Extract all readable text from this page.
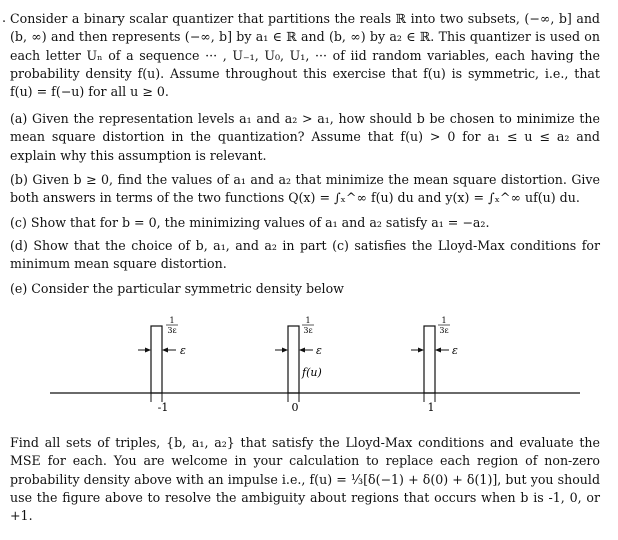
. Consider a binary scalar quantizer that partitions the reals ℝ into two subsets, (−∞, b] and (b, ∞) and then represents (−∞, b] by a₁ ∈ ℝ and (b, ∞) by a₂ ∈ ℝ. This quantizer is used on each letter Uₙ of a sequence ··· , U₋₁, U₀, U₁, ··· of iid random variables, each having the probability density f(u). Assume throughout this exercise that f(u) is symmetric, i.e., that f(u) = f(−u) for all u ≥ 0.

(a) Given the representation levels a₁ and a₂ > a₁, how should b be chosen to minimize the mean square distortion in the quantization? Assume that f(u) > 0 for a₁ ≤ u ≤ a₂ and explain why this assumption is relevant.

(b) Given b ≥ 0, find the values of a₁ and a₂ that minimize the mean square distortion. Give both answers in terms of the two functions Q(x) = ∫ₓ^∞ f(u) du and y(x) = ∫ₓ^∞ uf(u) du.

(c) Show that for b = 0, the minimizing values of a₁ and a₂ satisfy a₁ = −a₂.

(d) Show that the choice of b, a₁, and a₂ in part (c) satisfies the Lloyd-Max conditions for minimum mean square distortion.

(e) Consider the particular symmetric density below

ε
1
3ε
-1
ε
1
3ε
f(u)
0
ε
1
3ε
1

Find all sets of triples, {b, a₁, a₂} that satisfy the Lloyd-Max conditions and evaluate the MSE for each. You are welcome in your calculation to replace each region of non-zero probability density above with an impulse i.e., f(u) = ⅓[δ(−1) + δ(0) + δ(1)], but you should use the figure above to resolve the ambiguity about regions that occurs when b is -1, 0, or +1.
